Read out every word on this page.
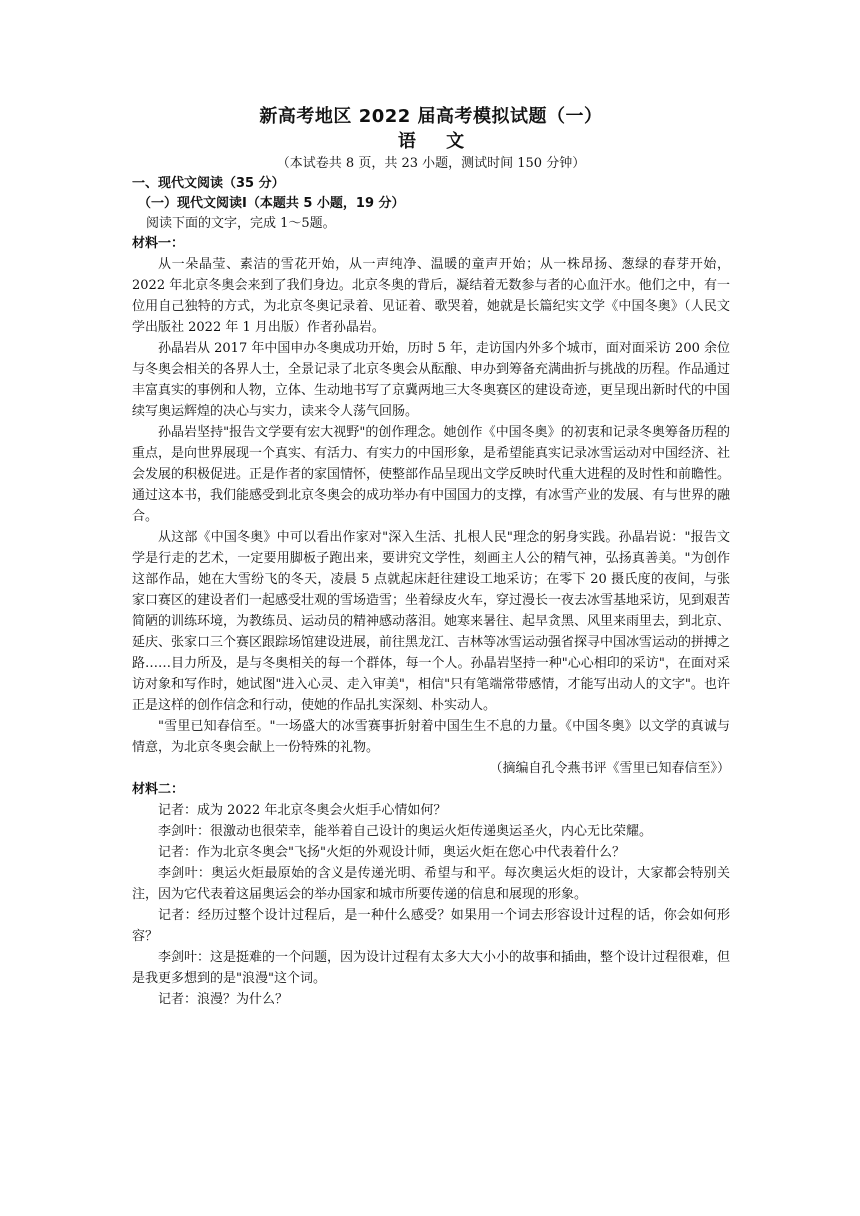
新高考地区 2022 届高考模拟试题（一）
语 文
（本试卷共 8 页，共 23 小题，测试时间 150 分钟）
一、现代文阅读（35 分）
（一）现代文阅读Ⅰ（本题共 5 小题，19 分）
阅读下面的文字，完成 1～5题。
材料一：

从一朵晶莹、素洁的雪花开始，从一声纯净、温暖的童声开始；从一株昂扬、葱绿的春芽开始，2022 年北京冬奥会来到了我们身边。北京冬奥的背后，凝结着无数参与者的心血汗水。他们之中，有一位用自己独特的方式，为北京冬奥记录着、见证着、歌哭着，她就是长篇纪实文学《中国冬奥》（人民文学出版社 2022 年 1 月出版）作者孙晶岩。

孙晶岩从 2017 年中国申办冬奥成功开始，历时 5 年，走访国内外多个城市，面对面采访 200 余位与冬奥会相关的各界人士，全景记录了北京冬奥会从酝酿、申办到筹备充满曲折与挑战的历程。作品通过丰富真实的事例和人物，立体、生动地书写了京冀两地三大冬奥赛区的建设奇迹，更呈现出新时代的中国续写奥运辉煌的决心与实力，读来令人荡气回肠。

孙晶岩坚持"报告文学要有宏大视野"的创作理念。她创作《中国冬奥》的初衷和记录冬奥筹备历程的重点，是向世界展现一个真实、有活力、有实力的中国形象，是希望能真实记录冰雪运动对中国经济、社会发展的积极促进。正是作者的家国情怀，使整部作品呈现出文学反映时代重大进程的及时性和前瞻性。通过这本书，我们能感受到北京冬奥会的成功举办有中国国力的支撑，有冰雪产业的发展、有与世界的融合。

从这部《中国冬奥》中可以看出作家对"深入生活、扎根人民"理念的躬身实践。孙晶岩说："报告文学是行走的艺术，一定要用脚板子跑出来，要讲究文学性，刻画主人公的精气神，弘扬真善美。"为创作这部作品，她在大雪纷飞的冬天，凌晨 5 点就起床赶往建设工地采访；在零下 20 摄氏度的夜间，与张家口赛区的建设者们一起感受壮观的雪场造雪；坐着绿皮火车，穿过漫长一夜去冰雪基地采访，见到艰苦简陋的训练环境，为教练员、运动员的精神感动落泪。她寒来暑往、起早贪黑、风里来雨里去，到北京、延庆、张家口三个赛区跟踪场馆建设进展，前往黑龙江、吉林等冰雪运动强省探寻中国冰雪运动的拼搏之路……目力所及，是与冬奥相关的每一个群体，每一个人。孙晶岩坚持一种"心心相印的采访"，在面对采访对象和写作时，她试图"进入心灵、走入审美"，相信"只有笔端常带感情，才能写出动人的文字"。也许正是这样的创作信念和行动，使她的作品扎实深刻、朴实动人。

"雪里已知春信至。"一场盛大的冰雪赛事折射着中国生生不息的力量。《中国冬奥》以文学的真诚与情意，为北京冬奥会献上一份特殊的礼物。

（摘编自孔令燕书评《雪里已知春信至》）
材料二：

记者：成为 2022 年北京冬奥会火炬手心情如何？

李剑叶：很激动也很荣幸，能举着自己设计的奥运火炬传递奥运圣火，内心无比荣耀。

记者：作为北京冬奥会"飞扬"火炬的外观设计师，奥运火炬在您心中代表着什么？

李剑叶：奥运火炬最原始的含义是传递光明、希望与和平。每次奥运火炬的设计，大家都会特别关注，因为它代表着这届奥运会的举办国家和城市所要传递的信息和展现的形象。

记者：经历过整个设计过程后，是一种什么感受？如果用一个词去形容设计过程的话，你会如何形容？

李剑叶：这是挺难的一个问题，因为设计过程有太多大大小小的故事和插曲，整个设计过程很难，但是我更多想到的是"浪漫"这个词。

记者：浪漫？为什么？
